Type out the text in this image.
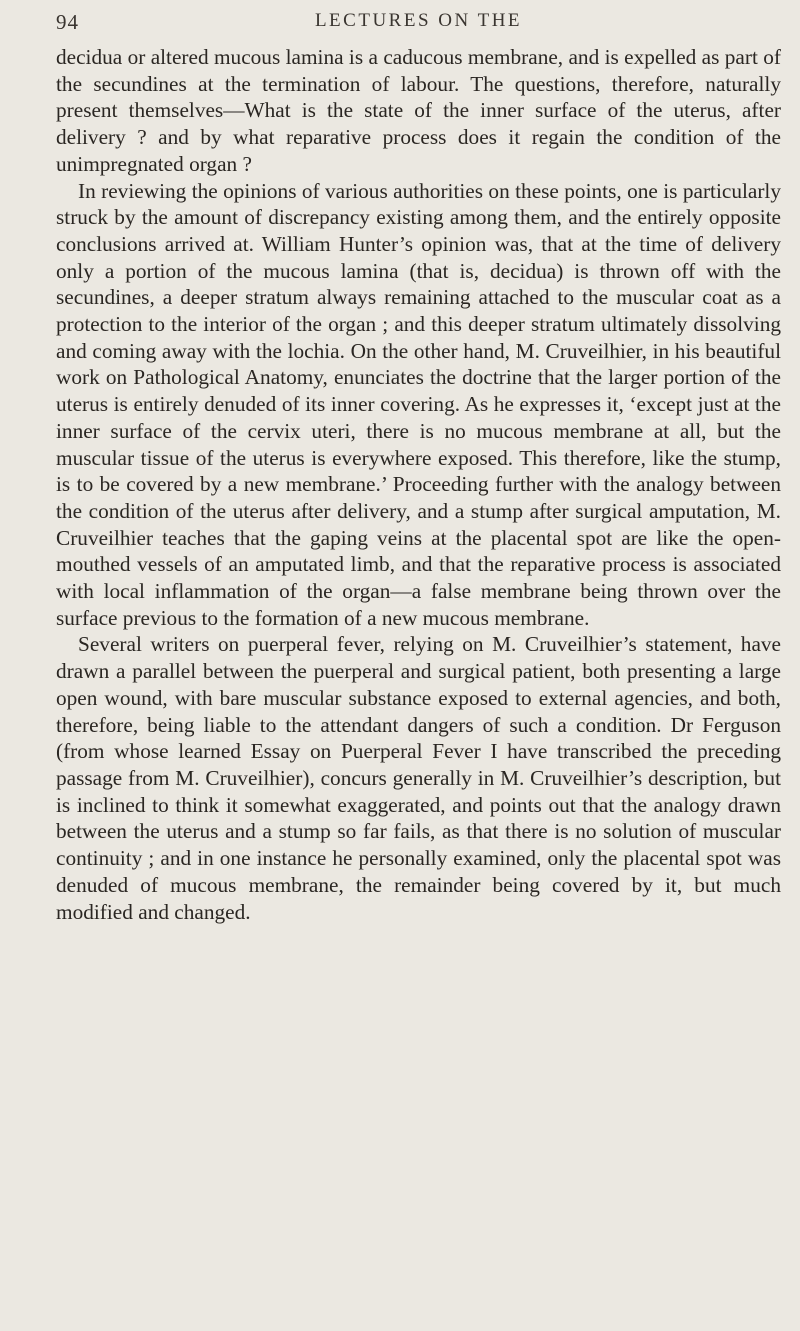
94	LECTURES ON THE

decidua or altered mucous lamina is a caducous membrane, and is expelled as part of the secundines at the termination of labour. The questions, therefore, naturally present themselves—What is the state of the inner surface of the uterus, after delivery ? and by what reparative process does it regain the condition of the unimpregnated organ ?

In reviewing the opinions of various authorities on these points, one is particularly struck by the amount of discrepancy existing among them, and the entirely opposite conclusions arrived at. William Hunter’s opinion was, that at the time of delivery only a portion of the mucous lamina (that is, decidua) is thrown off with the secundines, a deeper stratum always remaining attached to the muscular coat as a protection to the interior of the organ ; and this deeper stratum ultimately dissolving and coming away with the lochia. On the other hand, M. Cruveilhier, in his beautiful work on Pathological Anatomy, enunciates the doctrine that the larger portion of the uterus is entirely denuded of its inner covering. As he expresses it, ‘except just at the inner surface of the cervix uteri, there is no mucous membrane at all, but the muscular tissue of the uterus is everywhere exposed. This therefore, like the stump, is to be covered by a new membrane.’ Proceeding further with the analogy between the condition of the uterus after delivery, and a stump after surgical amputation, M. Cruveilhier teaches that the gaping veins at the placental spot are like the open-mouthed vessels of an amputated limb, and that the reparative process is associated with local inflammation of the organ—a false membrane being thrown over the surface previous to the formation of a new mucous membrane.

Several writers on puerperal fever, relying on M. Cruveilhier’s statement, have drawn a parallel between the puerperal and surgical patient, both presenting a large open wound, with bare muscular substance exposed to external agencies, and both, therefore, being liable to the attendant dangers of such a condition. Dr Ferguson (from whose learned Essay on Puerperal Fever I have transcribed the preceding passage from M. Cruveilhier), concurs generally in M. Cruveilhier’s description, but is inclined to think it somewhat exaggerated, and points out that the analogy drawn between the uterus and a stump so far fails, as that there is no solution of muscular continuity ; and in one instance he personally examined, only the placental spot was denuded of mucous membrane, the remainder being covered by it, but much modified and changed.
